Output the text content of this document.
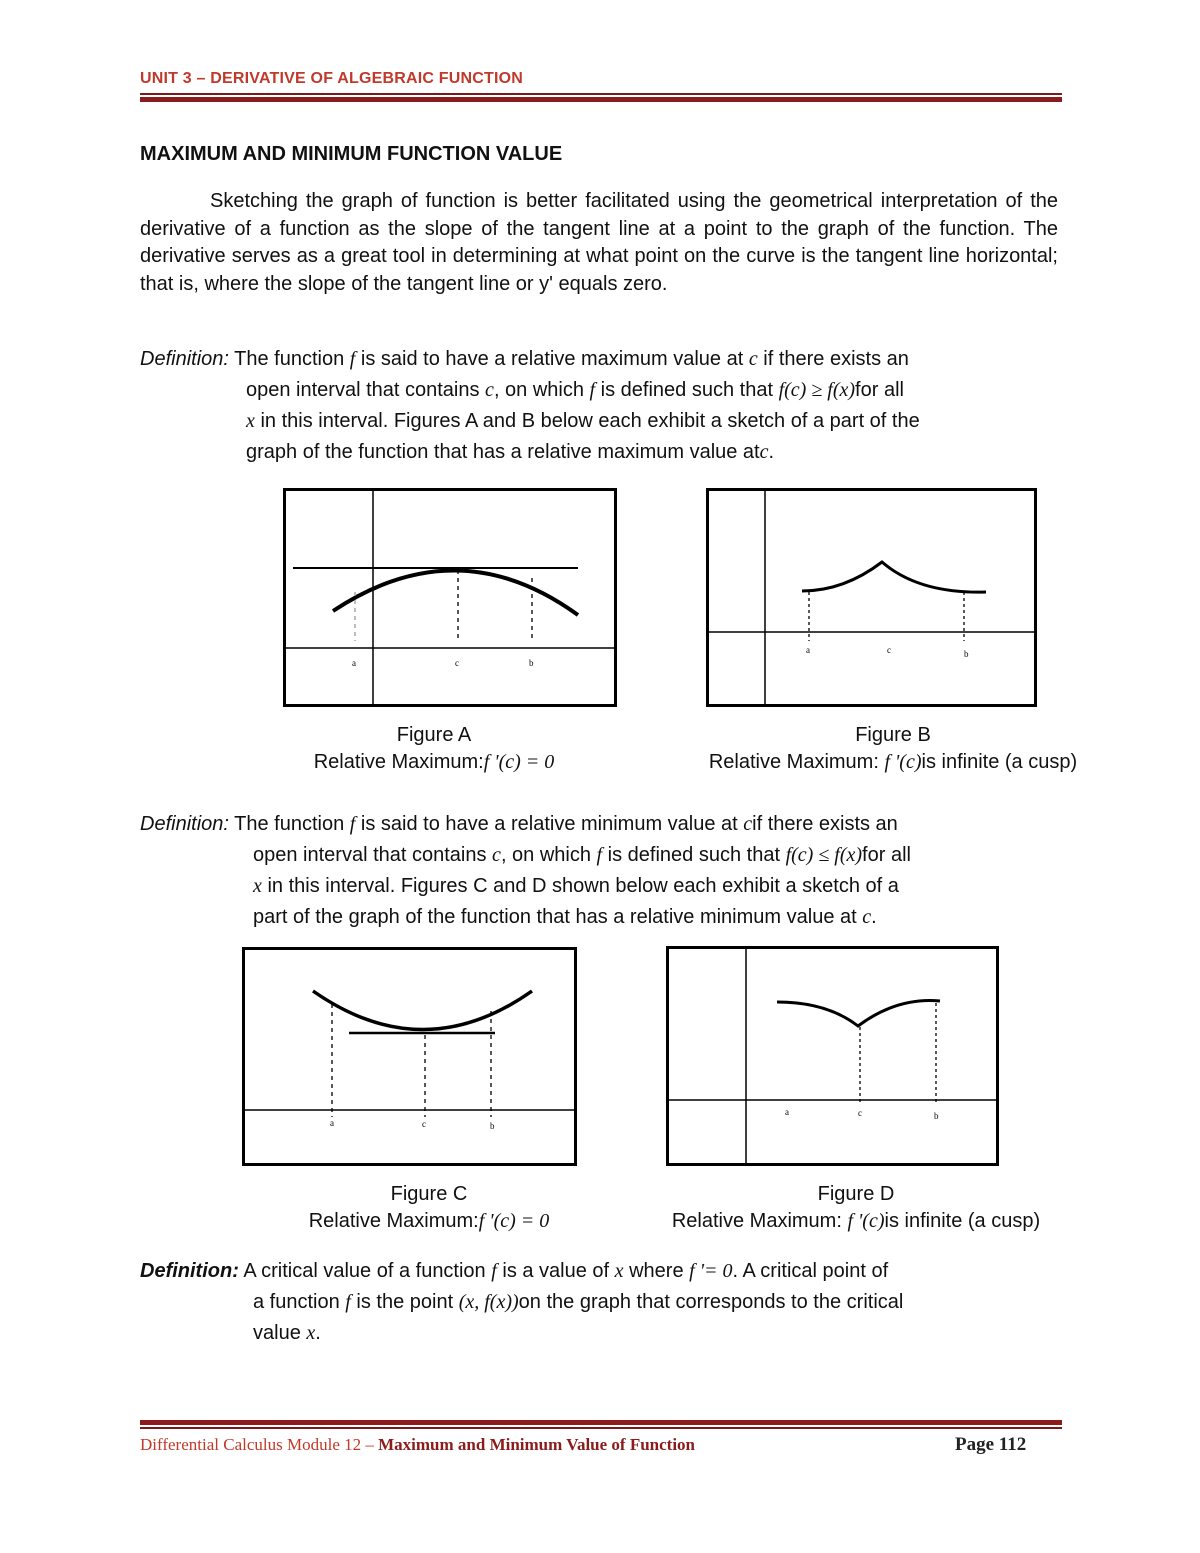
UNIT 3 – DERIVATIVE OF ALGEBRAIC FUNCTION
MAXIMUM AND MINIMUM FUNCTION VALUE
Sketching the graph of function is better facilitated using the geometrical interpretation of the derivative of a function as the slope of the tangent line at a point to the graph of the function. The derivative serves as a great tool in determining at what point on the curve is the tangent line horizontal; that is, where the slope of the tangent line or y' equals zero.
Definition: The function f is said to have a relative maximum value at c if there exists an
open interval that contains c, on which f is defined such that f(c) ≥ f(x)for all
x in this interval. Figures A and B below each exhibit a sketch of a part of the
graph of the function that has a relative maximum value atc.
a	c	b
a	c	b
Figure A
Relative Maximum:f '(c) = 0
Figure B
Relative Maximum: f '(c)is infinite (a cusp)
Definition: The function f is said to have a relative minimum value at cif there exists an
open interval that contains c, on which f is defined such that f(c) ≤ f(x)for all
x in this interval. Figures C and D shown below each exhibit a sketch of a
part of the graph of the function that has a relative minimum value at c.
a	c	b
a	c	b
Figure C
Relative Maximum:f '(c) = 0
Figure D
Relative Maximum: f '(c)is infinite (a cusp)
Definition: A critical value of a function f is a value of x where f '= 0. A critical point of
a function f is the point (x, f(x))on the graph that corresponds to the critical
value x.
Differential Calculus Module 12 – Maximum and Minimum Value of Function	Page 112
